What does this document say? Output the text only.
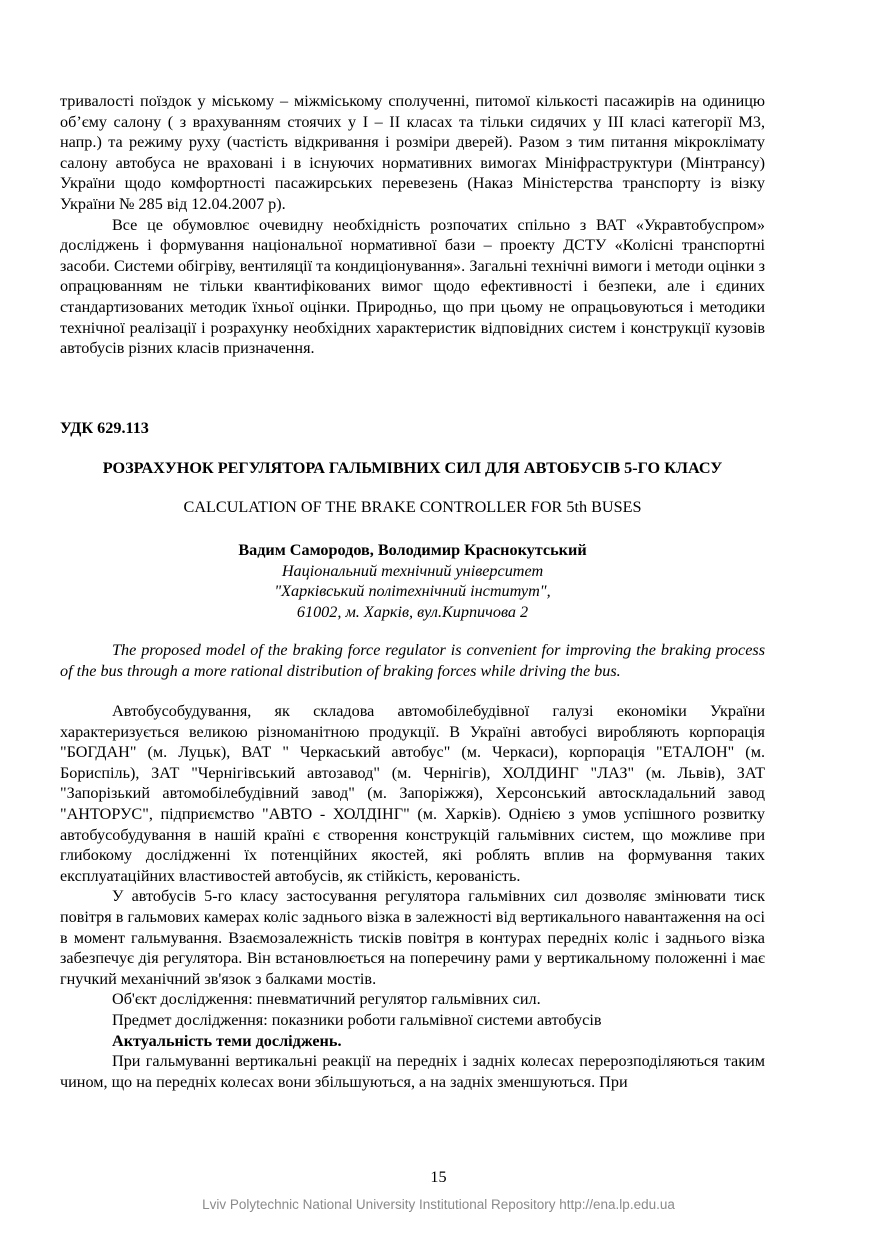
тривалості поїздок у міському – міжміському сполученні, питомої кількості пасажирів на одиницю об’єму салону ( з врахуванням стоячих у I – II класах та тільки сидячих у III класі категорії М3, напр.) та режиму руху (частість відкривання і розміри дверей). Разом з тим питання мікроклімату салону автобуса не враховані і в існуючих нормативних вимогах Мініфраструктури (Мінтрансу) України щодо комфортності пасажирських перевезень (Наказ Міністерства транспорту із візку України № 285 від 12.04.2007 р).

Все це обумовлює очевидну необхідність розпочатих спільно з ВАТ «Укравтобуспром» досліджень і формування національної нормативної бази – проекту ДСТУ «Колісні транспортні засоби. Системи обігріву, вентиляції та кондиціонування». Загальні технічні вимоги і методи оцінки з опрацюванням не тільки квантифікованих вимог щодо ефективності і безпеки, але і єдиних стандартизованих методик їхньої оцінки. Природньо, що при цьому не опрацьовуються і методики технічної реалізації і розрахунку необхідних характеристик відповідних систем і конструкції кузовів автобусів різних класів призначення.

УДК 629.113
РОЗРАХУНОК РЕГУЛЯТОРА ГАЛЬМІВНИХ СИЛ ДЛЯ АВТОБУСІВ 5-ГО КЛАСУ
CALCULATION OF THE BRAKE CONTROLLER FOR 5th BUSES
Вадим Самородов, Володимир Краснокутський
Національний технічний університет
"Харківський політехнічний інститут",
61002, м. Харків, вул.Кирпичова 2

The proposed model of the braking force regulator is convenient for improving the braking process of the bus through a more rational distribution of braking forces while driving the bus.

Автобусобудування, як складова автомобілебудівної галузі економіки України характеризується великою різноманітною продукції. В Україні автобусі виробляють корпорація "БОГДАН" (м. Луцьк), ВАТ " Черкаський автобус" (м. Черкаси), корпорація "ЕТАЛОН" (м. Бориспіль), ЗАТ "Чернігівський автозавод" (м. Чернігів), ХОЛДИНГ "ЛАЗ" (м. Львів), ЗАТ "Запорізький автомобілебудівний завод" (м. Запоріжжя), Херсонський автоскладальний завод "АНТОРУС", підприємство "АВТО - ХОЛДІНГ" (м. Харків). Однією з умов успішного розвитку автобусобудування в нашій країні є створення конструкцій гальмівних систем, що можливе при глибокому дослідженні їх потенційних якостей, які роблять вплив на формування таких експлуатаційних властивостей автобусів, як стійкість, керованість.

У автобусів 5-го класу застосування регулятора гальмівних сил дозволяє змінювати тиск повітря в гальмових камерах коліс заднього візка в залежності від вертикального навантаження на осі в момент гальмування. Взаємозалежність тисків повітря в контурах передніх коліс і заднього візка забезпечує дія регулятора. Він встановлюється на поперечину рами у вертикальному положенні і має гнучкий механічний зв'язок з балками мостів.

Об'єкт дослідження: пневматичний регулятор гальмівних сил.

Предмет дослідження: показники роботи гальмівної системи автобусів

Актуальність теми досліджень.

При гальмуванні вертикальні реакції на передніх і задніх колесах перерозподіляються таким чином, що на передніх колесах вони збільшуються, а на задніх зменшуються. При

15
Lviv Polytechnic National University Institutional Repository http://ena.lp.edu.ua
